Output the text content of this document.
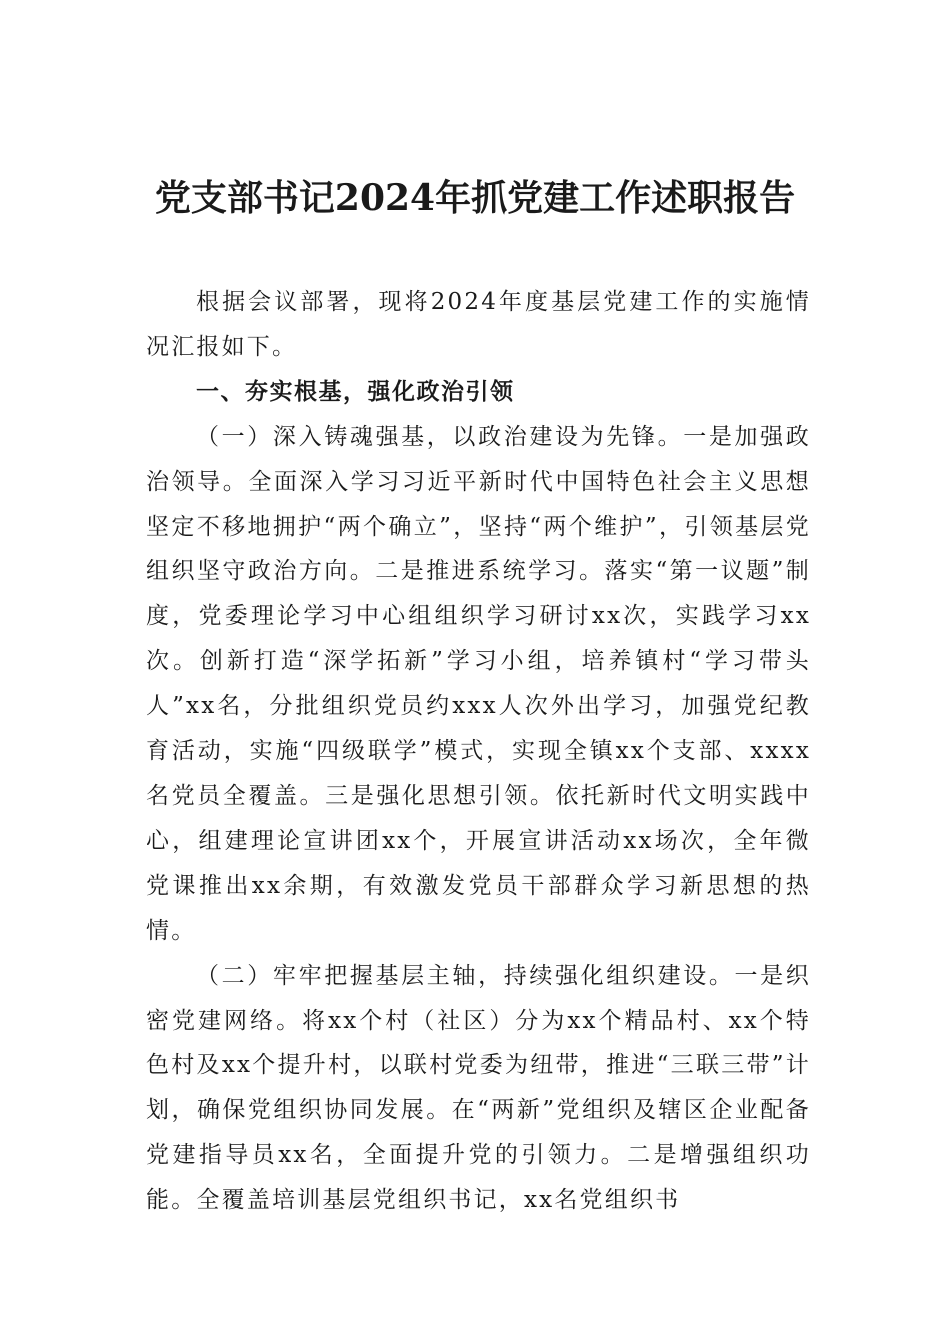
党支部书记2024年抓党建工作述职报告

根据会议部署，现将2024年度基层党建工作的实施情况汇报如下。

一、夯实根基，强化政治引领

（一）深入铸魂强基，以政治建设为先锋。一是加强政治领导。全面深入学习习近平新时代中国特色社会主义思想坚定不移地拥护“两个确立”，坚持“两个维护”，引领基层党组织坚守政治方向。二是推进系统学习。落实“第一议题”制度，党委理论学习中心组组织学习研讨xx次，实践学习xx次。创新打造“深学拓新”学习小组，培养镇村“学习带头人”xx名，分批组织党员约xxx人次外出学习，加强党纪教育活动，实施“四级联学”模式，实现全镇xx个支部、xxxx名党员全覆盖。三是强化思想引领。依托新时代文明实践中心，组建理论宣讲团xx个，开展宣讲活动xx场次，全年微党课推出xx余期，有效激发党员干部群众学习新思想的热情。

（二）牢牢把握基层主轴，持续强化组织建设。一是织密党建网络。将xx个村（社区）分为xx个精品村、xx个特色村及xx个提升村，以联村党委为纽带，推进“三联三带”计划，确保党组织协同发展。在“两新”党组织及辖区企业配备党建指导员xx名，全面提升党的引领力。二是增强组织功能。全覆盖培训基层党组织书记，xx名党组织书
